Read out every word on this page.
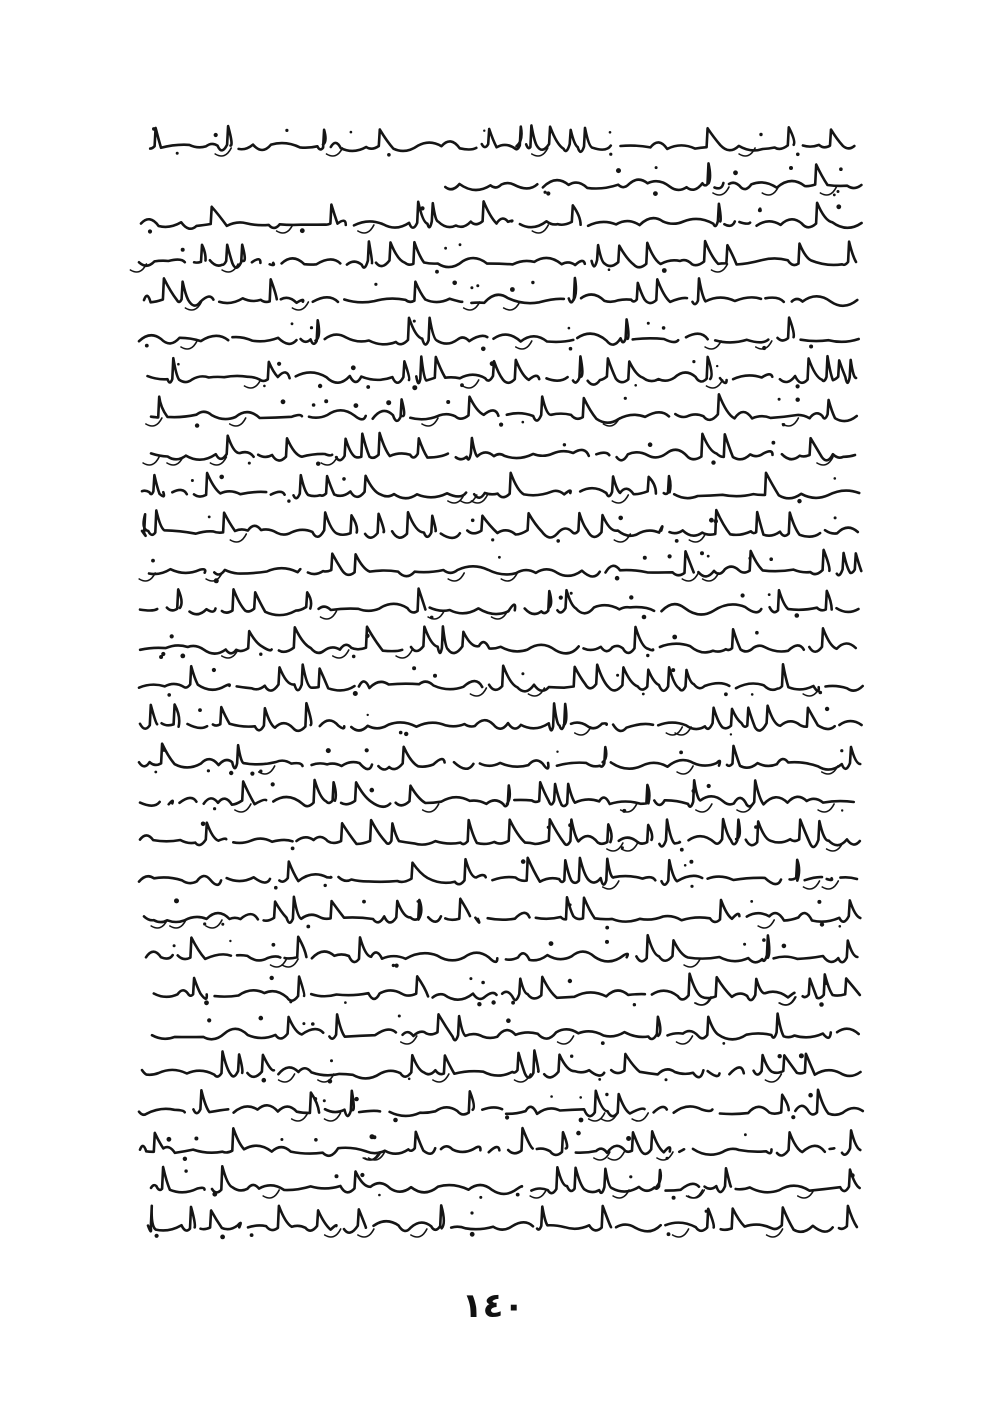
١٤٠
